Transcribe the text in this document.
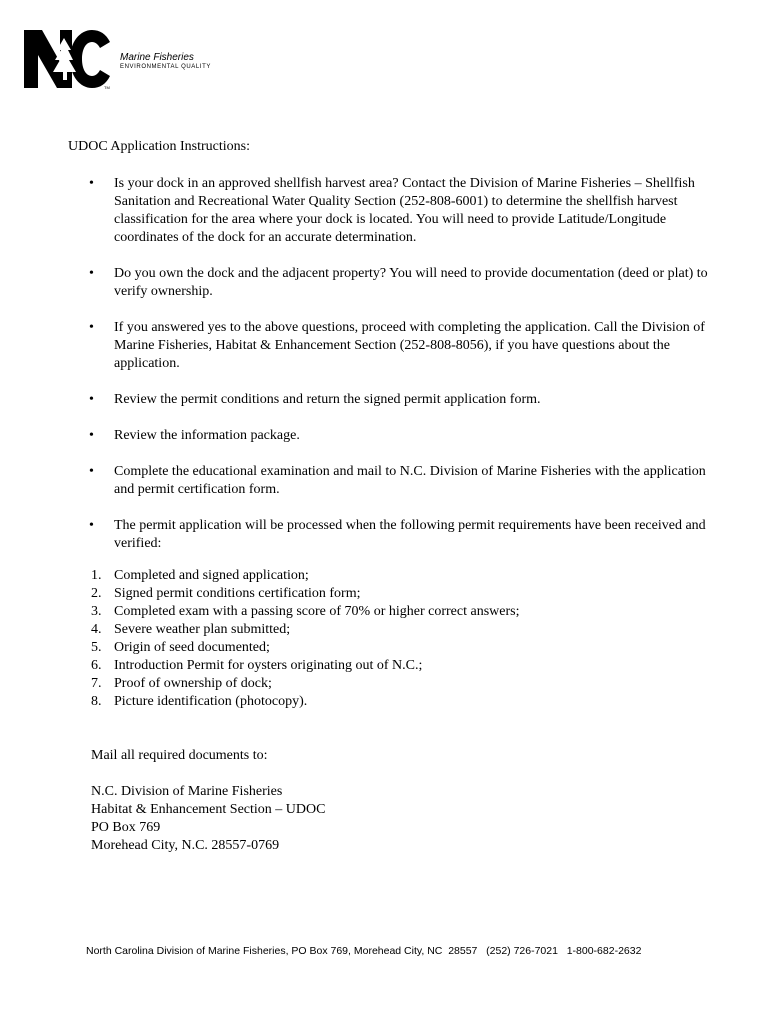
Marine Fisheries
ENVIRONMENTAL QUALITY
TM
UDOC Application Instructions:
• Is your dock in an approved shellfish harvest area? Contact the Division of Marine Fisheries – Shellfish Sanitation and Recreational Water Quality Section (252-808-6001) to determine the shellfish harvest classification for the area where your dock is located. You will need to provide Latitude/Longitude coordinates of the dock for an accurate determination.
• Do you own the dock and the adjacent property? You will need to provide documentation (deed or plat) to verify ownership.
• If you answered yes to the above questions, proceed with completing the application. Call the Division of Marine Fisheries, Habitat & Enhancement Section (252-808-8056), if you have questions about the application.
• Review the permit conditions and return the signed permit application form.
• Review the information package.
• Complete the educational examination and mail to N.C. Division of Marine Fisheries with the application and permit certification form.
• The permit application will be processed when the following permit requirements have been received and verified:
1. Completed and signed application;
2. Signed permit conditions certification form;
3. Completed exam with a passing score of 70% or higher correct answers;
4. Severe weather plan submitted;
5. Origin of seed documented;
6. Introduction Permit for oysters originating out of N.C.;
7. Proof of ownership of dock;
8. Picture identification (photocopy).
Mail all required documents to:
N.C. Division of Marine Fisheries
Habitat & Enhancement Section – UDOC
PO Box 769
Morehead City, N.C. 28557-0769
North Carolina Division of Marine Fisheries, PO Box 769, Morehead City, NC  28557   (252) 726-7021   1-800-682-2632
